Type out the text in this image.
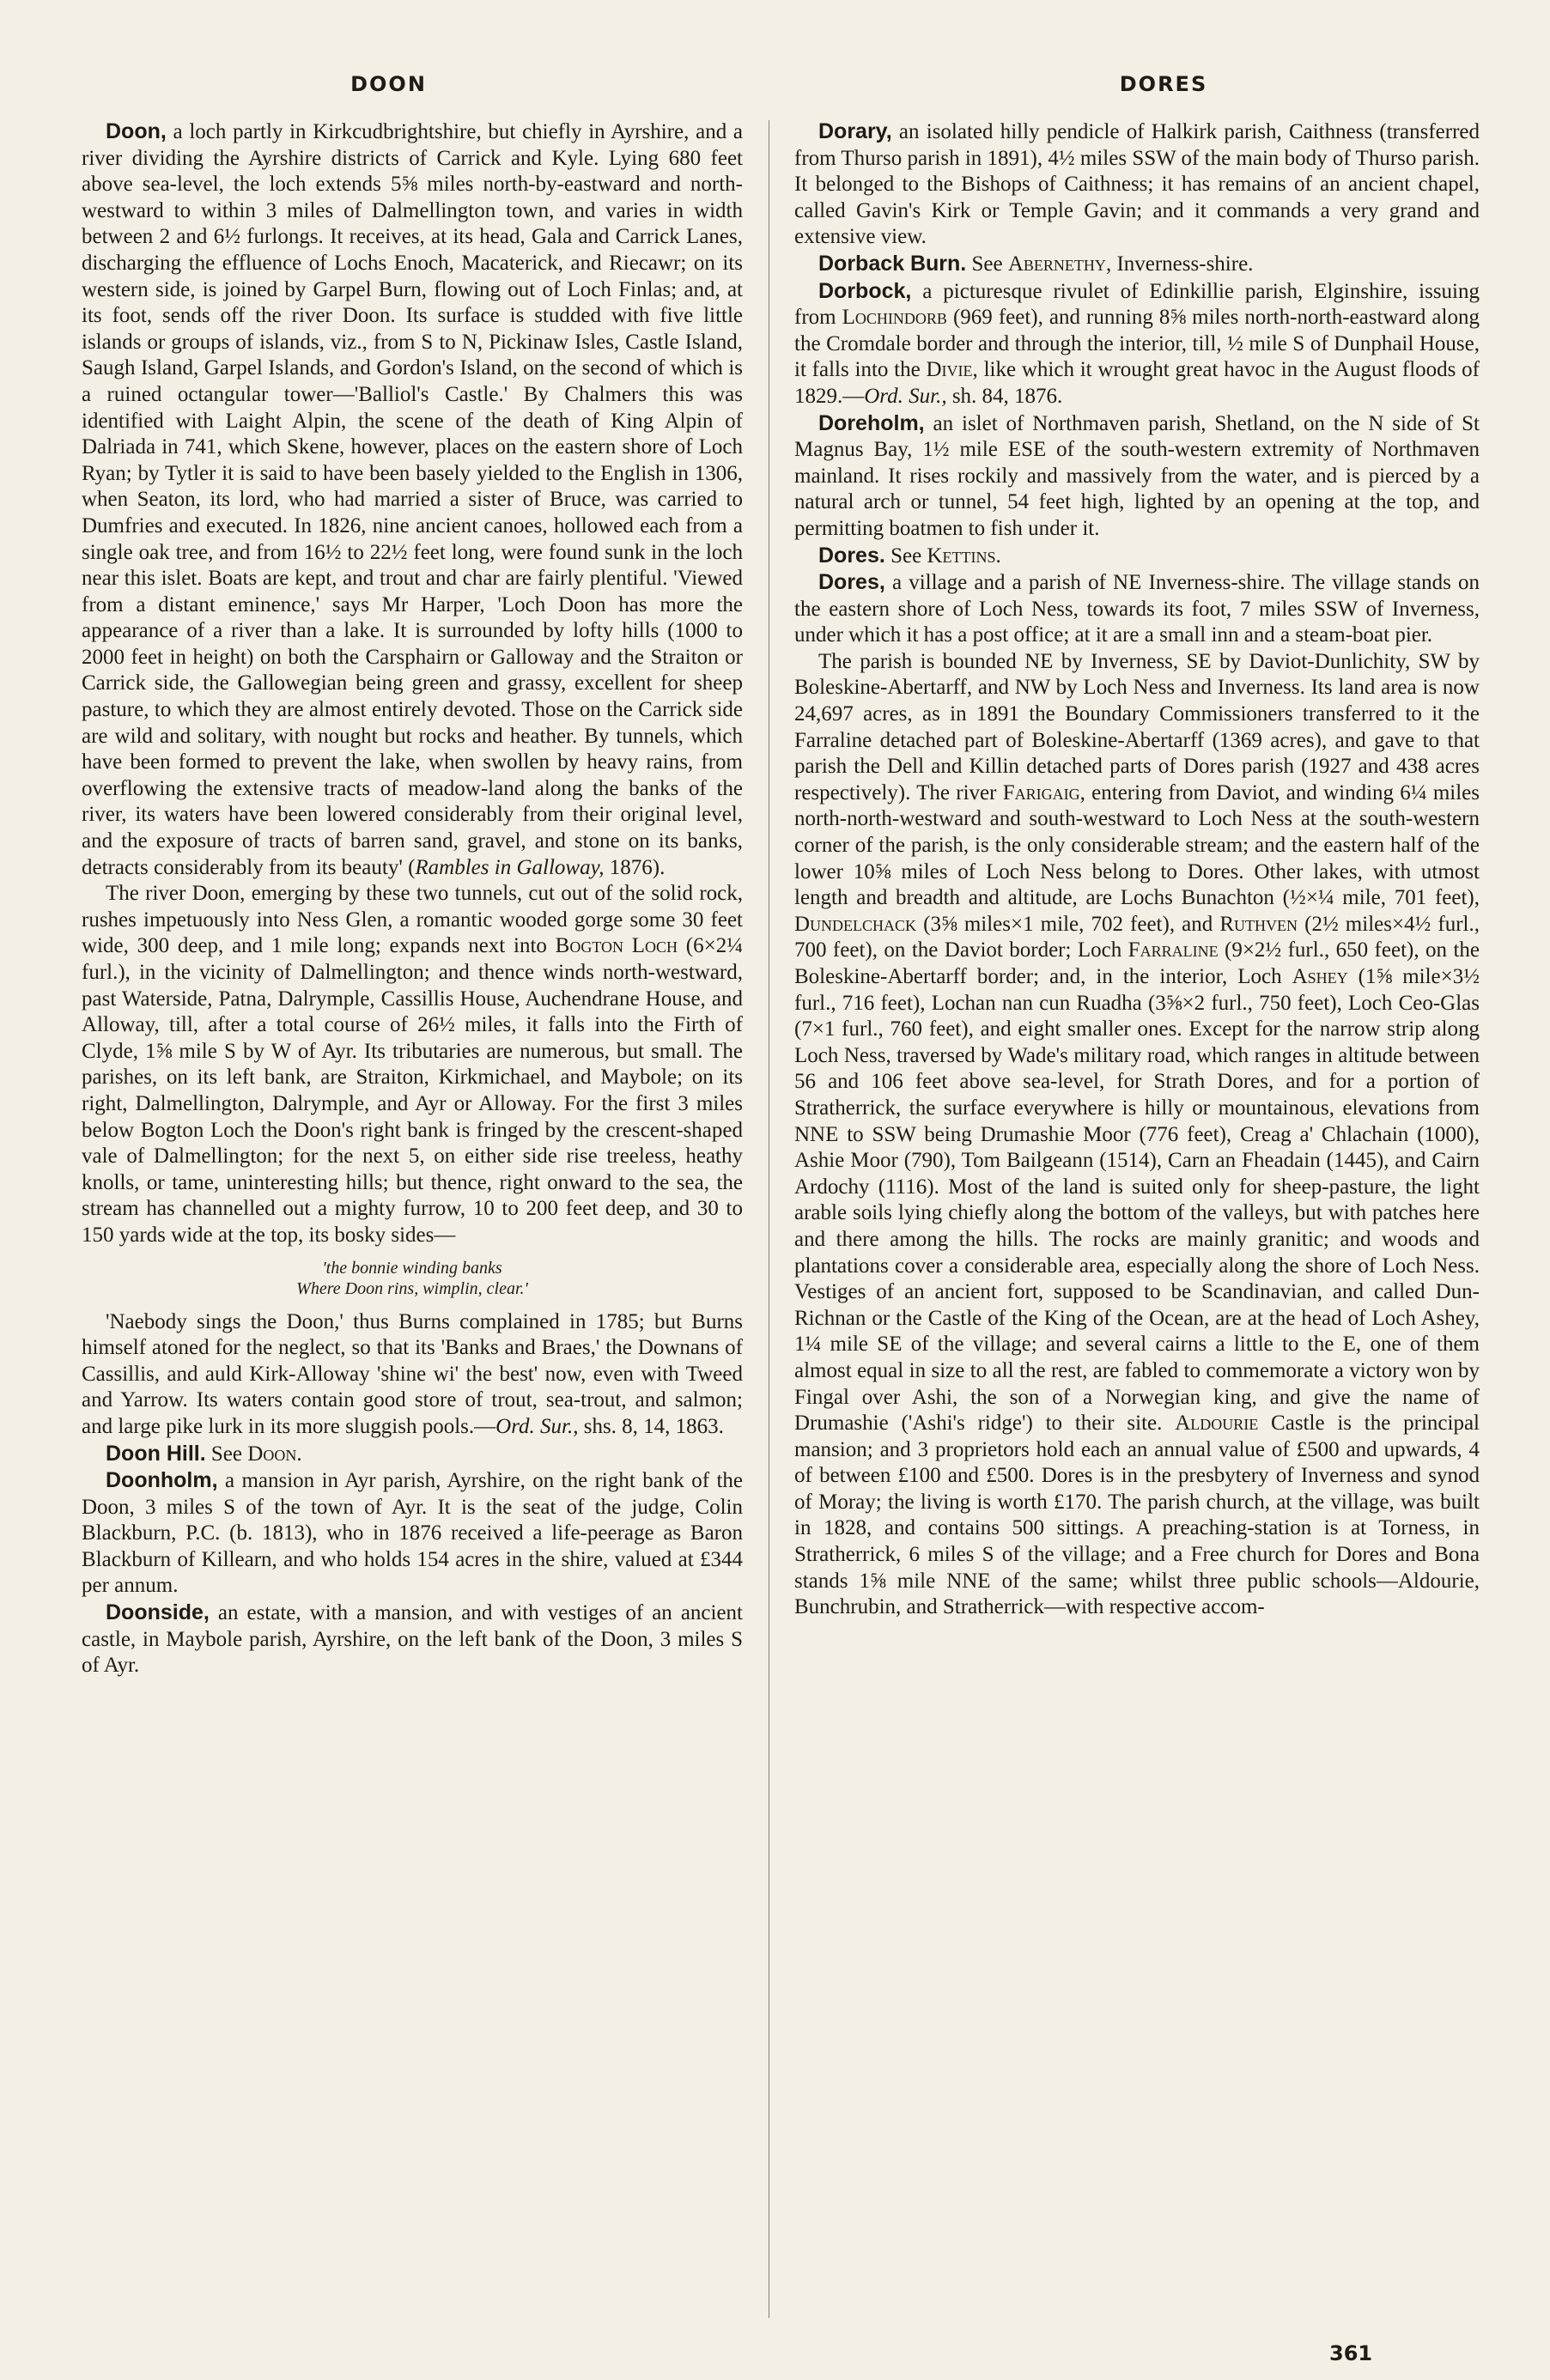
DOON	DORES

Doon, a loch partly in Kirkcudbrightshire, but chiefly in Ayrshire, and a river dividing the Ayrshire districts of Carrick and Kyle. Lying 680 feet above sea-level, the loch extends 5⅝ miles north-by-eastward and north-westward to within 3 miles of Dalmellington town, and varies in width between 2 and 6½ furlongs. It receives, at its head, Gala and Carrick Lanes, discharging the effluence of Lochs Enoch, Macaterick, and Riecawr; on its western side, is joined by Garpel Burn, flowing out of Loch Finlas; and, at its foot, sends off the river Doon. Its surface is studded with five little islands or groups of islands, viz., from S to N, Pickinaw Isles, Castle Island, Saugh Island, Garpel Islands, and Gordon's Island, on the second of which is a ruined octangular tower—'Balliol's Castle.' By Chalmers this was identified with Laight Alpin, the scene of the death of King Alpin of Dalriada in 741, which Skene, however, places on the eastern shore of Loch Ryan; by Tytler it is said to have been basely yielded to the English in 1306, when Seaton, its lord, who had married a sister of Bruce, was carried to Dumfries and executed. In 1826, nine ancient canoes, hollowed each from a single oak tree, and from 16½ to 22½ feet long, were found sunk in the loch near this islet. Boats are kept, and trout and char are fairly plentiful. 'Viewed from a distant eminence,' says Mr Harper, 'Loch Doon has more the appearance of a river than a lake. It is surrounded by lofty hills (1000 to 2000 feet in height) on both the Carsphairn or Galloway and the Straiton or Carrick side, the Gallowegian being green and grassy, excellent for sheep pasture, to which they are almost entirely devoted. Those on the Carrick side are wild and solitary, with nought but rocks and heather. By tunnels, which have been formed to prevent the lake, when swollen by heavy rains, from overflowing the extensive tracts of meadow-land along the banks of the river, its waters have been lowered considerably from their original level, and the exposure of tracts of barren sand, gravel, and stone on its banks, detracts considerably from its beauty' (Rambles in Galloway, 1876).

The river Doon, emerging by these two tunnels, cut out of the solid rock, rushes impetuously into Ness Glen, a romantic wooded gorge some 30 feet wide, 300 deep, and 1 mile long; expands next into Bogton Loch (6×2¼ furl.), in the vicinity of Dalmellington; and thence winds north-westward, past Waterside, Patna, Dalrymple, Cassillis House, Auchendrane House, and Alloway, till, after a total course of 26½ miles, it falls into the Firth of Clyde, 1⅝ mile S by W of Ayr. Its tributaries are numerous, but small. The parishes, on its left bank, are Straiton, Kirkmichael, and Maybole; on its right, Dalmellington, Dalrymple, and Ayr or Alloway. For the first 3 miles below Bogton Loch the Doon's right bank is fringed by the crescent-shaped vale of Dalmellington; for the next 5, on either side rise treeless, heathy knolls, or tame, uninteresting hills; but thence, right onward to the sea, the stream has channelled out a mighty furrow, 10 to 200 feet deep, and 30 to 150 yards wide at the top, its bosky sides—

'the bonnie winding banks
Where Doon rins, wimplin, clear.'

'Naebody sings the Doon,' thus Burns complained in 1785; but Burns himself atoned for the neglect, so that its 'Banks and Braes,' the Downans of Cassillis, and auld Kirk-Alloway 'shine wi' the best' now, even with Tweed and Yarrow. Its waters contain good store of trout, sea-trout, and salmon; and large pike lurk in its more sluggish pools.—Ord. Sur., shs. 8, 14, 1863.

Doon Hill. See Doon.

Doonholm, a mansion in Ayr parish, Ayrshire, on the right bank of the Doon, 3 miles S of the town of Ayr. It is the seat of the judge, Colin Blackburn, P.C. (b. 1813), who in 1876 received a life-peerage as Baron Blackburn of Killearn, and who holds 154 acres in the shire, valued at £344 per annum.

Doonside, an estate, with a mansion, and with vestiges of an ancient castle, in Maybole parish, Ayrshire, on the left bank of the Doon, 3 miles S of Ayr.

Dorary, an isolated hilly pendicle of Halkirk parish, Caithness (transferred from Thurso parish in 1891), 4½ miles SSW of the main body of Thurso parish. It belonged to the Bishops of Caithness; it has remains of an ancient chapel, called Gavin's Kirk or Temple Gavin; and it commands a very grand and extensive view.

Dorback Burn. See Abernethy, Inverness-shire.

Dorbock, a picturesque rivulet of Edinkillie parish, Elginshire, issuing from Lochindorb (969 feet), and running 8⅝ miles north-north-eastward along the Cromdale border and through the interior, till, ½ mile S of Dunphail House, it falls into the Divie, like which it wrought great havoc in the August floods of 1829.—Ord. Sur., sh. 84, 1876.

Doreholm, an islet of Northmaven parish, Shetland, on the N side of St Magnus Bay, 1½ mile ESE of the south-western extremity of Northmaven mainland. It rises rockily and massively from the water, and is pierced by a natural arch or tunnel, 54 feet high, lighted by an opening at the top, and permitting boatmen to fish under it.

Dores. See Kettins.

Dores, a village and a parish of NE Inverness-shire. The village stands on the eastern shore of Loch Ness, towards its foot, 7 miles SSW of Inverness, under which it has a post office; at it are a small inn and a steam-boat pier.

The parish is bounded NE by Inverness, SE by Daviot-Dunlichity, SW by Boleskine-Abertarff, and NW by Loch Ness and Inverness. Its land area is now 24,697 acres, as in 1891 the Boundary Commissioners transferred to it the Farraline detached part of Boleskine-Abertarff (1369 acres), and gave to that parish the Dell and Killin detached parts of Dores parish (1927 and 438 acres respectively). The river Farigaig, entering from Daviot, and winding 6¼ miles north-north-westward and south-westward to Loch Ness at the south-western corner of the parish, is the only considerable stream; and the eastern half of the lower 10⅝ miles of Loch Ness belong to Dores. Other lakes, with utmost length and breadth and altitude, are Lochs Bunachton (½×¼ mile, 701 feet), Dundelchack (3⅝ miles×1 mile, 702 feet), and Ruthven (2½ miles×4½ furl., 700 feet), on the Daviot border; Loch Farraline (9×2½ furl., 650 feet), on the Boleskine-Abertarff border; and, in the interior, Loch Ashey (1⅝ mile×3½ furl., 716 feet), Lochan nan cun Ruadha (3⅝×2 furl., 750 feet), Loch Ceo-Glas (7×1 furl., 760 feet), and eight smaller ones. Except for the narrow strip along Loch Ness, traversed by Wade's military road, which ranges in altitude between 56 and 106 feet above sea-level, for Strath Dores, and for a portion of Stratherrick, the surface everywhere is hilly or mountainous, elevations from NNE to SSW being Drumashie Moor (776 feet), Creag a' Chlachain (1000), Ashie Moor (790), Tom Bailgeann (1514), Carn an Fheadain (1445), and Cairn Ardochy (1116). Most of the land is suited only for sheep-pasture, the light arable soils lying chiefly along the bottom of the valleys, but with patches here and there among the hills. The rocks are mainly granitic; and woods and plantations cover a considerable area, especially along the shore of Loch Ness. Vestiges of an ancient fort, supposed to be Scandinavian, and called Dun-Richnan or the Castle of the King of the Ocean, are at the head of Loch Ashey, 1¼ mile SE of the village; and several cairns a little to the E, one of them almost equal in size to all the rest, are fabled to commemorate a victory won by Fingal over Ashi, the son of a Norwegian king, and give the name of Drumashie ('Ashi's ridge') to their site. Aldourie Castle is the principal mansion; and 3 proprietors hold each an annual value of £500 and upwards, 4 of between £100 and £500. Dores is in the presbytery of Inverness and synod of Moray; the living is worth £170. The parish church, at the village, was built in 1828, and contains 500 sittings. A preaching-station is at Torness, in Stratherrick, 6 miles S of the village; and a Free church for Dores and Bona stands 1⅝ mile NNE of the same; whilst three public schools—Aldourie, Bunchrubin, and Stratherrick—with respective accom-

361
